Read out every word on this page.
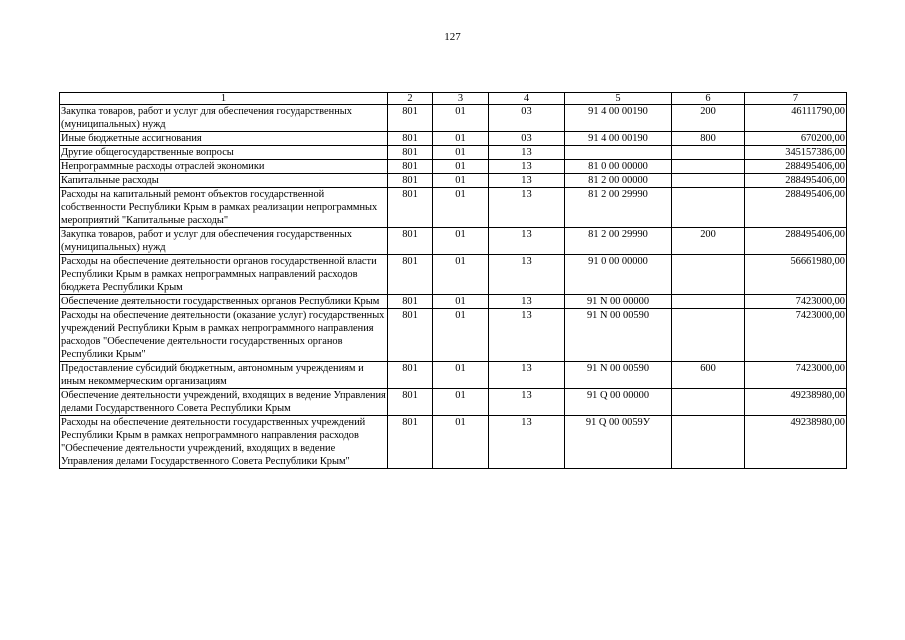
127
1	2	3	4	5	6	7
Закупка товаров, работ и услуг для обеспечения государственных (муниципальных) нужд	801	01	03	91 4 00 00190	200	46111790,00
Иные бюджетные ассигнования	801	01	03	91 4 00 00190	800	670200,00
Другие общегосударственные вопросы	801	01	13			345157386,00
Непрограммные расходы отраслей экономики	801	01	13	81 0 00 00000		288495406,00
Капитальные расходы	801	01	13	81 2 00 00000		288495406,00
Расходы на капитальный ремонт объектов государственной собственности Республики Крым в рамках реализации непрограммных мероприятий "Капитальные расходы"	801	01	13	81 2 00 29990		288495406,00
Закупка товаров, работ и услуг для обеспечения государственных (муниципальных) нужд	801	01	13	81 2 00 29990	200	288495406,00
Расходы на обеспечение деятельности органов государственной власти Республики Крым в рамках непрограммных направлений расходов бюджета Республики Крым	801	01	13	91 0 00 00000		56661980,00
Обеспечение деятельности государственных органов Республики Крым	801	01	13	91 N 00 00000		7423000,00
Расходы на обеспечение деятельности (оказание услуг) государственных учреждений Республики Крым в рамках непрограммного направления расходов "Обеспечение деятельности государственных органов Республики Крым"	801	01	13	91 N 00 00590		7423000,00
Предоставление субсидий бюджетным, автономным учреждениям и иным некоммерческим организациям	801	01	13	91 N 00 00590	600	7423000,00
Обеспечение деятельности учреждений, входящих в ведение Управления делами Государственного Совета Республики Крым	801	01	13	91 Q 00 00000		49238980,00
Расходы на обеспечение деятельности государственных учреждений Республики Крым в рамках непрограммного направления расходов "Обеспечение деятельности учреждений, входящих в ведение Управления делами Государственного Совета Республики Крым"	801	01	13	91 Q 00 0059У		49238980,00
